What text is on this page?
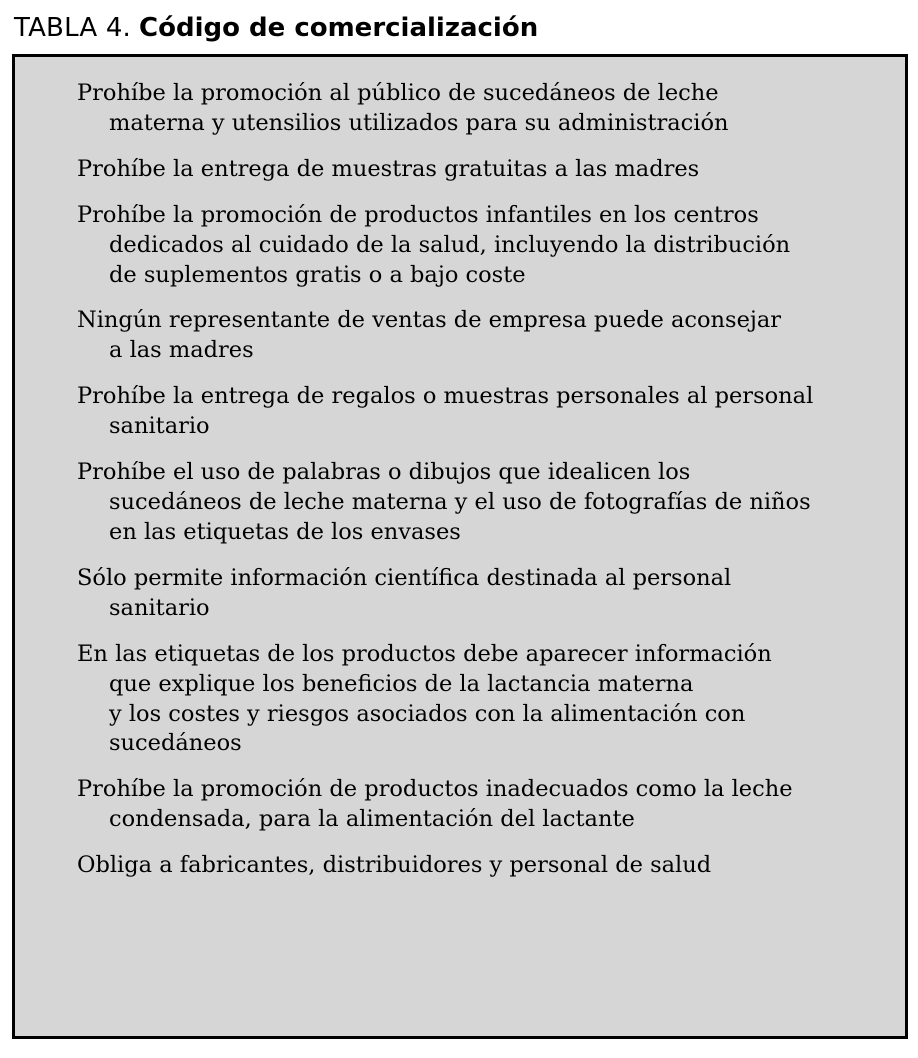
TABLA 4. Código de comercialización
Prohíbe la promoción al público de sucedáneos de leche
materna y utensilios utilizados para su administración
Prohíbe la entrega de muestras gratuitas a las madres
Prohíbe la promoción de productos infantiles en los centros
dedicados al cuidado de la salud, incluyendo la distribución
de suplementos gratis o a bajo coste
Ningún representante de ventas de empresa puede aconsejar
a las madres
Prohíbe la entrega de regalos o muestras personales al personal
sanitario
Prohíbe el uso de palabras o dibujos que idealicen los
sucedáneos de leche materna y el uso de fotografías de niños
en las etiquetas de los envases
Sólo permite información científica destinada al personal
sanitario
En las etiquetas de los productos debe aparecer información
que explique los beneficios de la lactancia materna
y los costes y riesgos asociados con la alimentación con
sucedáneos
Prohíbe la promoción de productos inadecuados como la leche
condensada, para la alimentación del lactante
Obliga a fabricantes, distribuidores y personal de salud
